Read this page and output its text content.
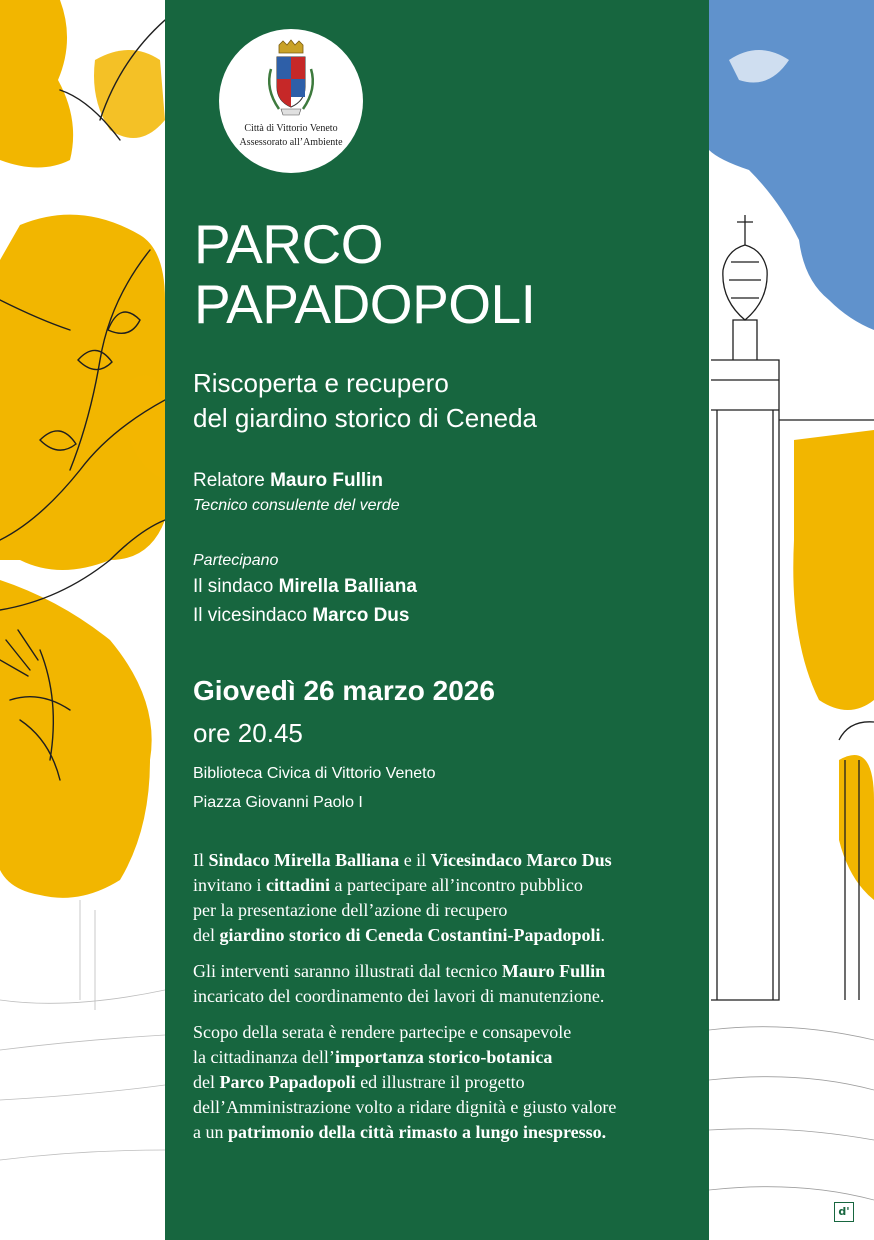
Città di Vittorio Veneto
Assessorato all’Ambiente
PARCO
PAPADOPOLI
Riscoperta e recupero
del giardino storico di Ceneda
Relatore Mauro Fullin
Tecnico consulente del verde
Partecipano
Il sindaco Mirella Balliana
Il vicesindaco Marco Dus
Giovedì 26 marzo 2026
ore 20.45
Biblioteca Civica di Vittorio Veneto
Piazza Giovanni Paolo I
Il Sindaco Mirella Balliana e il Vicesindaco Marco Dus
invitano i cittadini a partecipare all’incontro pubblico
per la presentazione dell’azione di recupero
del giardino storico di Ceneda Costantini-Papadopoli.
Gli interventi saranno illustrati dal tecnico Mauro Fullin
incaricato del coordinamento dei lavori di manutenzione.
Scopo della serata è rendere partecipe e consapevole
la cittadinanza dell’importanza storico-botanica
del Parco Papadopoli ed illustrare il progetto
dell’Amministrazione volto a ridare dignità e giusto valore
a un patrimonio della città rimasto a lungo inespresso.
d'
